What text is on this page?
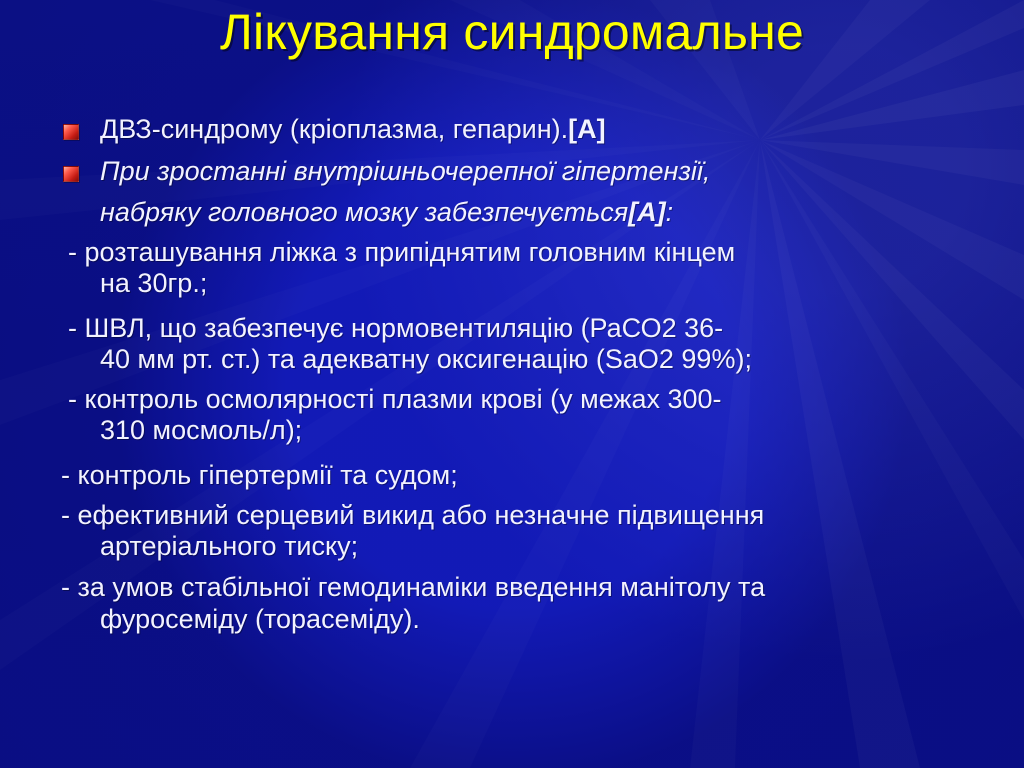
Лікування синдромальне
ДВЗ-синдрому (кріоплазма, гепарин).[А]
При зростанні внутрішньочерепної гіпертензії,
набряку головного мозку забезпечується[А]:
- розташування ліжка з припіднятим головним кінцем
на 30гр.;
- ШВЛ, що забезпечує нормовентиляцію (РаСО2 36-
40 мм рт. ст.) та адекватну оксигенацію (SаО2 99%);
- контроль осмолярності плазми крові (у межах 300-
310 мосмоль/л);
- контроль гіпертермії та судом;
- ефективний серцевий викид або незначне підвищення
артеріального тиску;
- за умов стабільної гемодинаміки введення манітолу та
фуросеміду (торасеміду).
